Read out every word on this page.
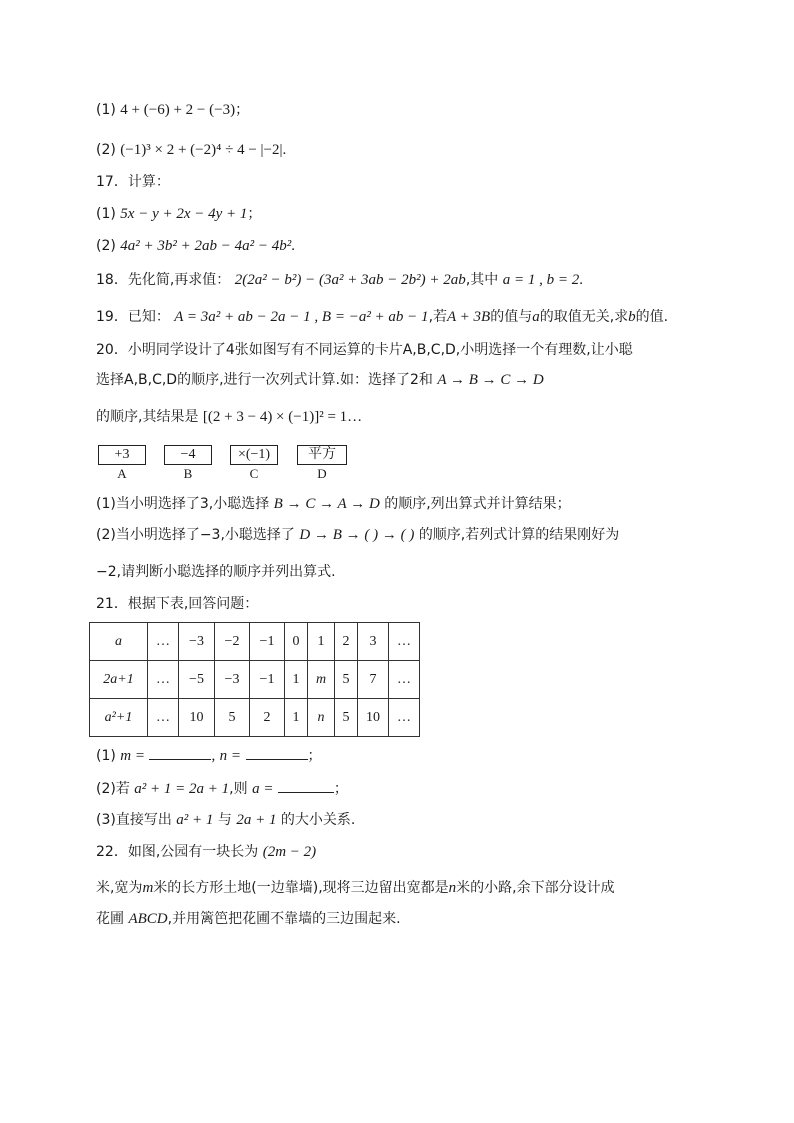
(1) 4 + (−6) + 2 − (−3)；
(2) (−1)³ × 2 + (−2)⁴ ÷ 4 − |−2|.
17．计算：
(1) 5x − y + 2x − 4y + 1；
(2) 4a² + 3b² + 2ab − 4a² − 4b².
18．先化简,再求值： 2(2a² − b²) − (3a² + 3ab − 2b²) + 2ab,其中 a = 1 , b = 2.
19．已知： A = 3a² + ab − 2a − 1 , B = −a² + ab − 1,若A + 3B的值与a的取值无关,求b的值.
20．小明同学设计了4张如图写有不同运算的卡片A,B,C,D,小明选择一个有理数,让小聪
选择A,B,C,D的顺序,进行一次列式计算.如：选择了2和 A → B → C → D
的顺序,其结果是 [(2 + 3 − 4) × (−1)]² = 1…
+3	−4	×(−1)	平方
A	B	C	D
(1)当小明选择了3,小聪选择 B → C → A → D 的顺序,列出算式并计算结果；
(2)当小明选择了−3,小聪选择了 D → B → ( ) → ( ) 的顺序,若列式计算的结果刚好为
−2,请判断小聪选择的顺序并列出算式.
21．根据下表,回答问题：
a	…	−3	−2	−1	0	1	2	3	…
2a+1	…	−5	−3	−1	1	m	5	7	…
a²+1	…	10	5	2	1	n	5	10	…
(1) m =	, n =	；
(2)若 a² + 1 = 2a + 1,则 a =	；
(3)直接写出 a² + 1 与 2a + 1 的大小关系.
22．如图,公园有一块长为 (2m − 2)
米,宽为m米的长方形土地(一边靠墙),现将三边留出宽都是n米的小路,余下部分设计成
花圃 ABCD,并用篱笆把花圃不靠墙的三边围起来.
